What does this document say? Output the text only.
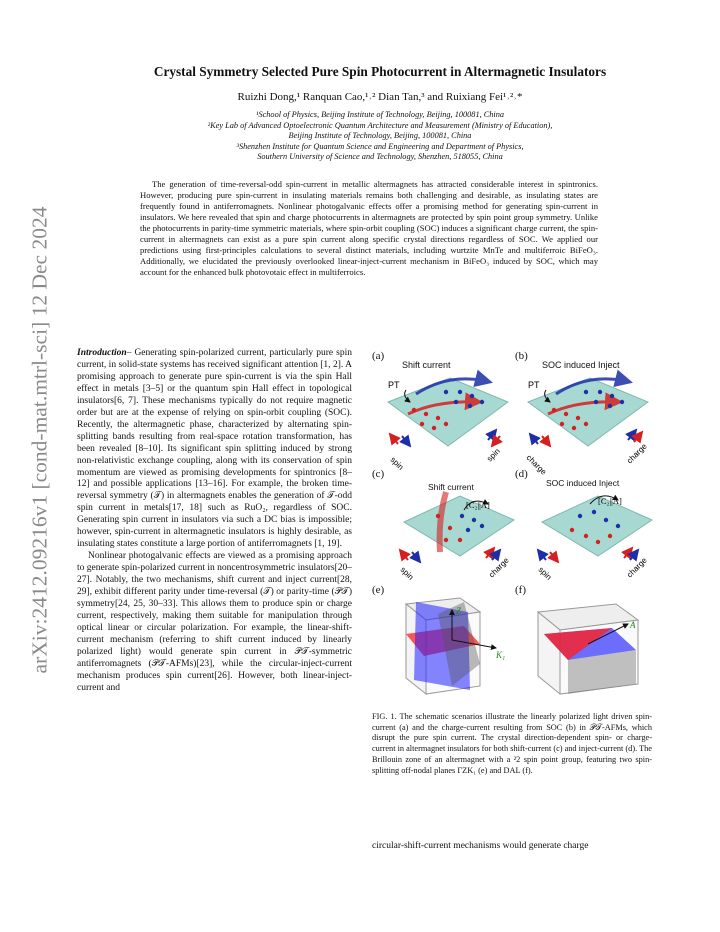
arXiv:2412.09216v1 [cond-mat.mtrl-sci] 12 Dec 2024
Crystal Symmetry Selected Pure Spin Photocurrent in Altermagnetic Insulators
Ruizhi Dong,¹ Ranquan Cao,¹˒² Dian Tan,³ and Ruixiang Fei¹˒²˒*
¹School of Physics, Beijing Institute of Technology, Beijing, 100081, China
²Key Lab of Advanced Optoelectronic Quantum Architecture and Measurement (Ministry of Education),
Beijing Institute of Technology, Beijing, 100081, China
³Shenzhen Institute for Quantum Science and Engineering and Department of Physics,
Southern University of Science and Technology, Shenzhen, 518055, China
The generation of time-reversal-odd spin-current in metallic altermagnets has attracted considerable interest in spintronics. However, producing pure spin-current in insulating materials remains both challenging and desirable, as insulating states are frequently found in antiferromagnets. Nonlinear photogalvanic effects offer a promising method for generating spin-current in insulators. We here revealed that spin and charge photocurrents in altermagnets are protected by spin point group symmetry. Unlike the photocurrents in parity-time symmetric materials, where spin-orbit coupling (SOC) induces a significant charge current, the spin-current in altermagnets can exist as a pure spin current along specific crystal directions regardless of SOC. We applied our predictions using first-principles calculations to several distinct materials, including wurtzite MnTe and multiferroic BiFeO₃. Additionally, we elucidated the previously overlooked linear-inject-current mechanism in BiFeO₃ induced by SOC, which may account for the enhanced bulk photovotaic effect in multiferroics.

Introduction– Generating spin-polarized current, particularly pure spin current, in solid-state systems has received significant attention [1, 2]. A promising approach to generate pure spin-current is via the spin Hall effect in metals [3–5] or the quantum spin Hall effect in topological insulators[6, 7]. These mechanisms typically do not require magnetic order but are at the expense of relying on spin-orbit coupling (SOC). Recently, the altermagnetic phase, characterized by alternating spin-splitting bands resulting from real-space rotation transformation, has been revealed [8–10]. Its significant spin splitting induced by strong non-relativistic exchange coupling, along with its conservation of spin momentum are viewed as promising developments for spintronics [8–12] and possible applications [13–16]. For example, the broken time-reversal symmetry (𝒯) in altermagnets enables the generation of 𝒯-odd spin current in metals[17, 18] such as RuO₂, regardless of SOC. Generating spin current in insulators via such a DC bias is impossible; however, spin-current in altermagnetic insulators is highly desirable, as insulating states constitute a large portion of antiferromagnets [1, 19].

Nonlinear photogalvanic effects are viewed as a promising approach to generate spin-polarized current in noncentrosymmetric insulators[20–27]. Notably, the two mechanisms, shift current and inject current[28, 29], exhibit different parity under time-reversal (𝒯) or parity-time (𝒫𝒯) symmetry[24, 25, 30–33]. This allows them to produce spin or charge current, respectively, making them suitable for manipulation through optical linear or circular polarization. For example, the linear-shift-current mechanism (referring to shift current induced by linearly polarized light) would generate spin current in 𝒫𝒯-symmetric antiferromagnets (𝒫𝒯-AFMs)[23], while the circular-inject-current mechanism produces spin current[26]. However, both linear-inject-current and

(a)	(b)
(c)	(d)
(e)	(f)
Shift current	SOC induced Inject
Shift current	SOC induced Inject
PT
spin
spin
PT
charge	charge
[C₂||A]
spin	charge
[C₂||A]
spin	charge
Z
K₁
A
FIG. 1. The schematic scenarios illustrate the linearly polarized light driven spin-current (a) and the charge-current resulting from SOC (b) in 𝒫𝒯-AFMs, which disrupt the pure spin current. The crystal direction-dependent spin- or charge-current in altermagnet insulators for both shift-current (c) and inject-current (d). The Brillouin zone of an altermagnet with a ²2 spin point group, featuring two spin-splitting off-nodal planes ΓZK₁ (e) and DAL (f).
circular-shift-current mechanisms would generate charge
